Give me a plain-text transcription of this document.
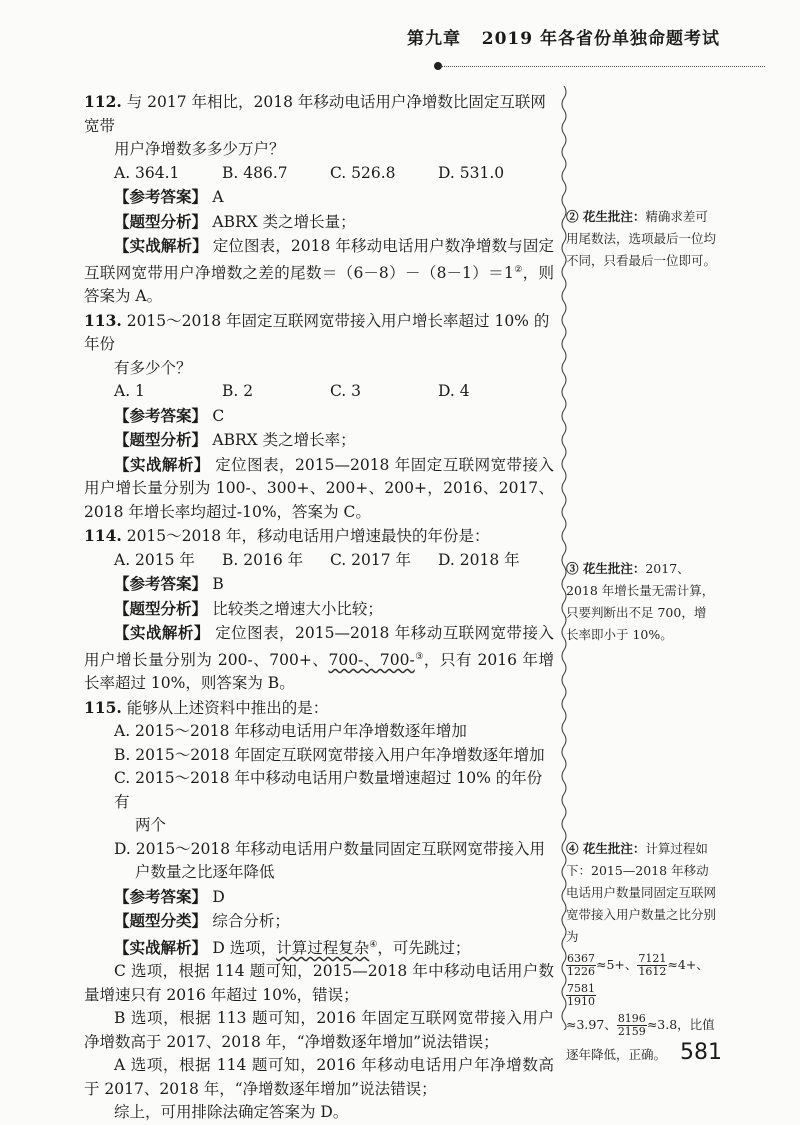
第九章 2019 年各省份单独命题考试
112. 与 2017 年相比，2018 年移动电话用户净增数比固定互联网宽带
用户净增数多多少万户？
A. 364.1	B. 486.7	C. 526.8	D. 531.0
【参考答案】 A
【题型分析】 ABRX 类之增长量；
【实战解析】 定位图表，2018 年移动电话用户数净增数与固定互联网宽带用户净增数之差的尾数＝（6－8）－（8－1）＝1②，则答案为 A。
113. 2015～2018 年固定互联网宽带接入用户增长率超过 10% 的年份
有多少个？
A. 1	B. 2	C. 3	D. 4
【参考答案】 C
【题型分析】 ABRX 类之增长率；
【实战解析】 定位图表，2015—2018 年固定互联网宽带接入用户增长量分别为 100-、300+、200+、200+，2016、2017、2018 年增长率均超过-10%，答案为 C。
114. 2015～2018 年，移动电话用户增速最快的年份是：
A. 2015 年	B. 2016 年	C. 2017 年	D. 2018 年
【参考答案】 B
【题型分析】 比较类之增速大小比较；
【实战解析】 定位图表，2015—2018 年移动互联网宽带接入用户增长量分别为 200-、700+、700-、700-③，只有 2016 年增长率超过 10%，则答案为 B。
115. 能够从上述资料中推出的是：
A. 2015～2018 年移动电话用户年净增数逐年增加
B. 2015～2018 年固定互联网宽带接入用户年净增数逐年增加
C. 2015～2018 年中移动电话用户数量增速超过 10% 的年份有
两个
D. 2015～2018 年移动电话用户数量同固定互联网宽带接入用
户数量之比逐年降低
【参考答案】 D
【题型分类】 综合分析；
【实战解析】 D 选项，计算过程复杂④，可先跳过；
C 选项，根据 114 题可知，2015—2018 年中移动电话用户数量增速只有 2016 年超过 10%，错误；
B 选项，根据 113 题可知，2016 年固定互联网宽带接入用户净增数高于 2017、2018 年，“净增数逐年增加”说法错误；
A 选项，根据 114 题可知，2016 年移动电话用户年净增数高于 2017、2018 年，“净增数逐年增加”说法错误；
综上，可用排除法确定答案为 D。
② 花生批注：精确求差可用尾数法，选项最后一位均不同，只看最后一位即可。
③ 花生批注：2017、2018 年增长量无需计算，只要判断出不足 700，增长率即小于 10%。
④ 花生批注：计算过程如下：2015—2018 年移动电话用户数量同固定互联网宽带接入用户数量之比分别为
$\frac{6367}{1226} \approx 5+$、 $\frac{7121}{1612} \approx 4+$、
$\frac{7581}{1910}$
≈3.97、 $\frac{8196}{2159} \approx 3.8$，比值逐年降低，正确。 581
